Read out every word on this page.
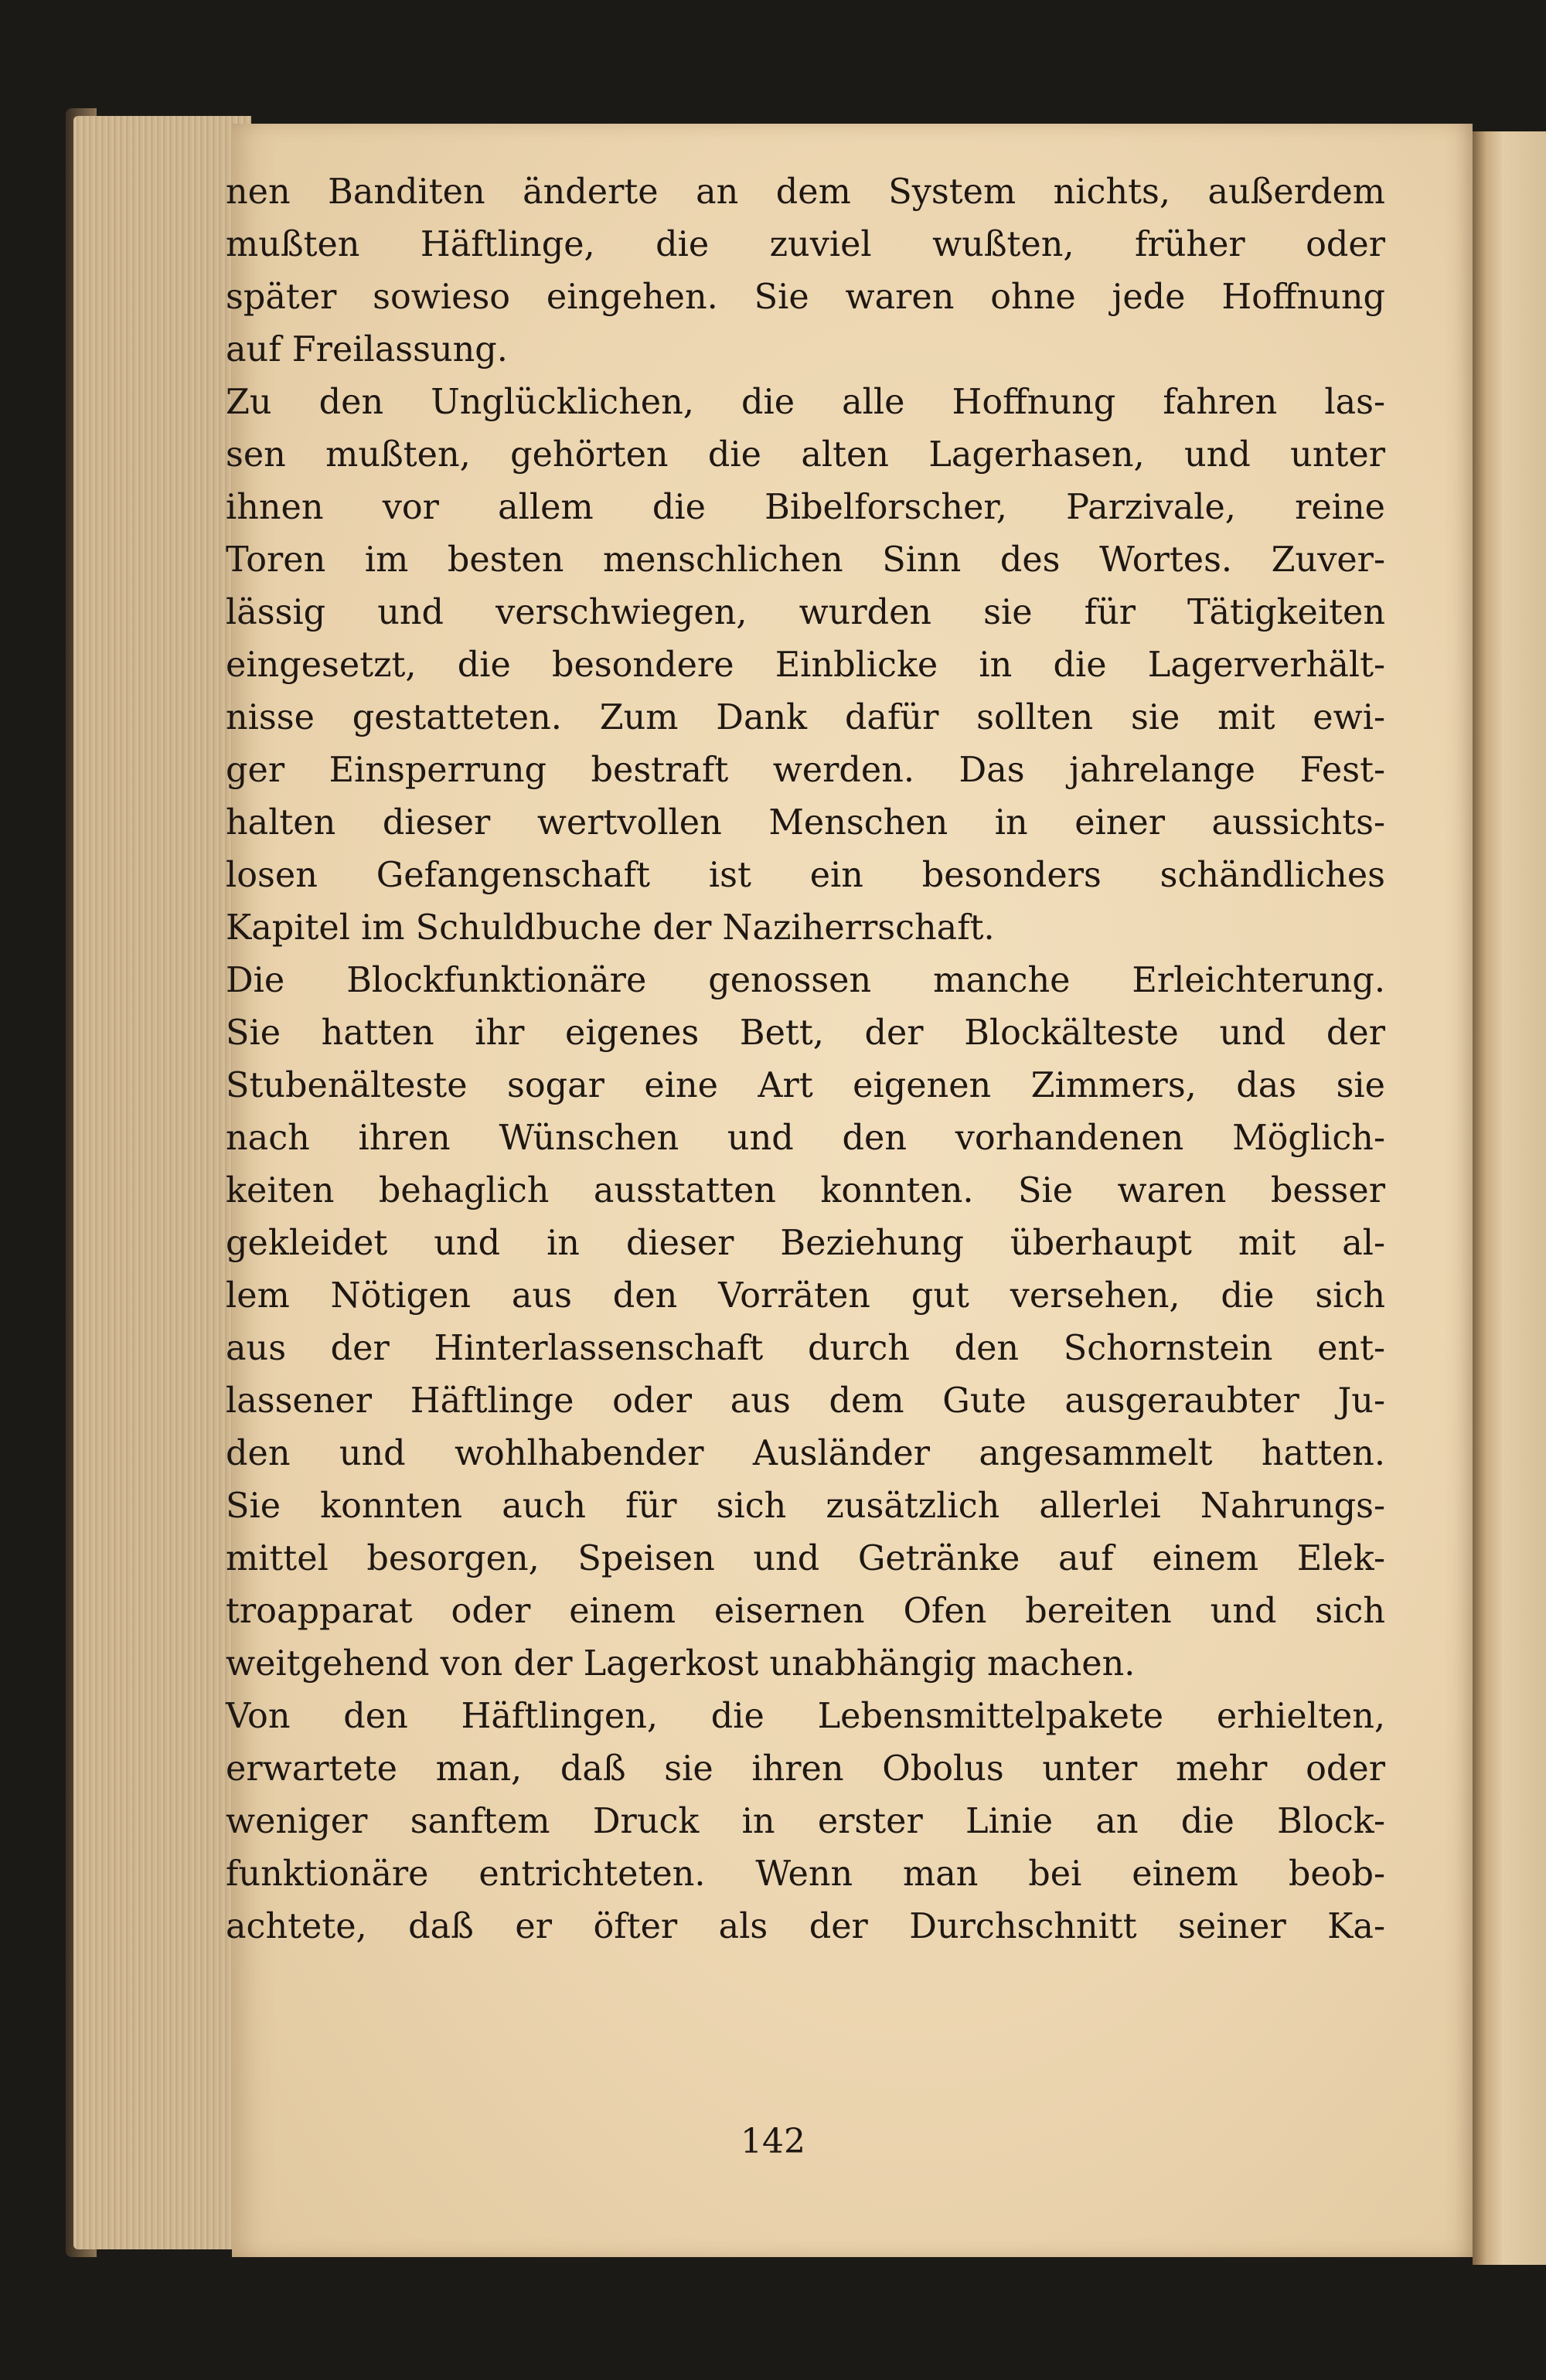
nen Banditen änderte an dem System nichts, außerdem
mußten Häftlinge, die zuviel wußten, früher oder
später sowieso eingehen. Sie waren ohne jede Hoffnung
auf Freilassung.
Zu den Unglücklichen, die alle Hoffnung fahren las-
sen mußten, gehörten die alten Lagerhasen, und unter
ihnen vor allem die Bibelforscher, Parzivale, reine
Toren im besten menschlichen Sinn des Wortes. Zuver-
lässig und verschwiegen, wurden sie für Tätigkeiten
eingesetzt, die besondere Einblicke in die Lagerverhält-
nisse gestatteten. Zum Dank dafür sollten sie mit ewi-
ger Einsperrung bestraft werden. Das jahrelange Fest-
halten dieser wertvollen Menschen in einer aussichts-
losen Gefangenschaft ist ein besonders schändliches
Kapitel im Schuldbuche der Naziherrschaft.
Die Blockfunktionäre genossen manche Erleichterung.
Sie hatten ihr eigenes Bett, der Blockälteste und der
Stubenälteste sogar eine Art eigenen Zimmers, das sie
nach ihren Wünschen und den vorhandenen Möglich-
keiten behaglich ausstatten konnten. Sie waren besser
gekleidet und in dieser Beziehung überhaupt mit al-
lem Nötigen aus den Vorräten gut versehen, die sich
aus der Hinterlassenschaft durch den Schornstein ent-
lassener Häftlinge oder aus dem Gute ausgeraubter Ju-
den und wohlhabender Ausländer angesammelt hatten.
Sie konnten auch für sich zusätzlich allerlei Nahrungs-
mittel besorgen, Speisen und Getränke auf einem Elek-
troapparat oder einem eisernen Ofen bereiten und sich
weitgehend von der Lagerkost unabhängig machen.
Von den Häftlingen, die Lebensmittelpakete erhielten,
erwartete man, daß sie ihren Obolus unter mehr oder
weniger sanftem Druck in erster Linie an die Block-
funktionäre entrichteten. Wenn man bei einem beob-
achtete, daß er öfter als der Durchschnitt seiner Ka-
142
